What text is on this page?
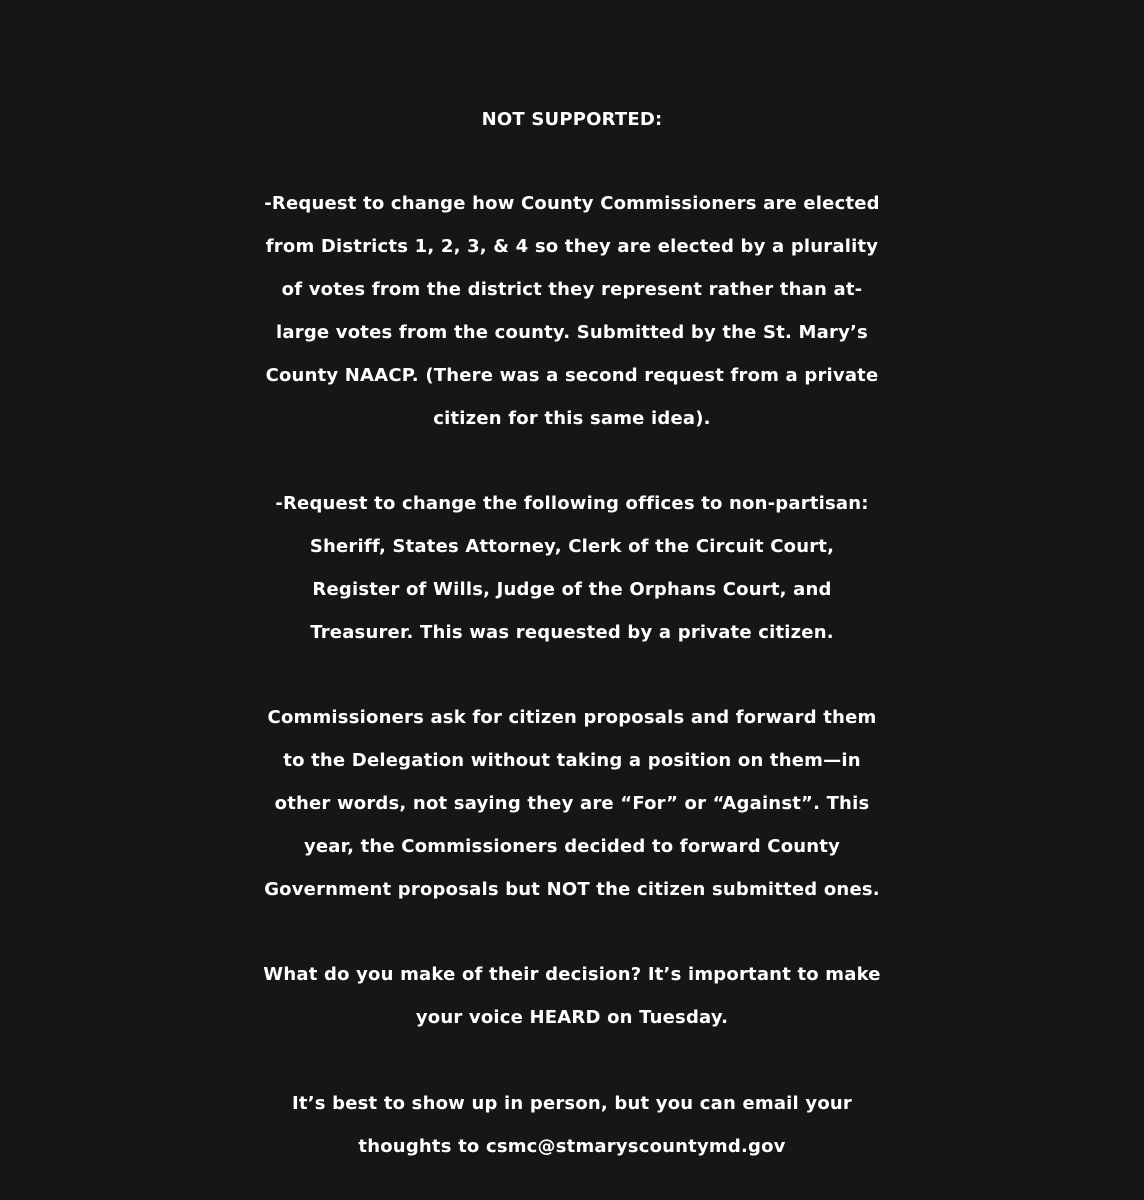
NOT SUPPORTED:
-Request to change how County Commissioners are elected
from Districts 1, 2, 3, & 4 so they are elected by a plurality
of votes from the district they represent rather than at-
large votes from the county. Submitted by the St. Mary’s
County NAACP. (There was a second request from a private
citizen for this same idea).
-Request to change the following offices to non-partisan:
Sheriff, States Attorney, Clerk of the Circuit Court,
Register of Wills, Judge of the Orphans Court, and
Treasurer. This was requested by a private citizen.
Commissioners ask for citizen proposals and forward them
to the Delegation without taking a position on them—in
other words, not saying they are “For” or “Against”. This
year, the Commissioners decided to forward County
Government proposals but NOT the citizen submitted ones.
What do you make of their decision? It’s important to make
your voice HEARD on Tuesday.
It’s best to show up in person, but you can email your
thoughts to csmc@stmaryscountymd.gov
